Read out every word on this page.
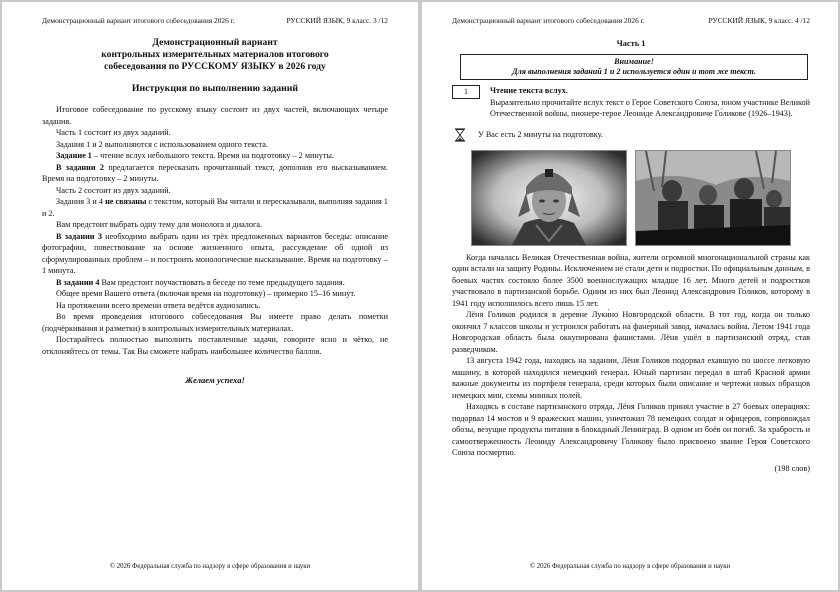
Демонстрационный вариант итогового собеседования 2026 г.	РУССКИЙ ЯЗЫК, 9 класс. 3 /12
Демонстрационный вариант
контрольных измерительных материалов итогового
собеседования по РУССКОМУ ЯЗЫКУ в 2026 году
Инструкция по выполнению заданий

Итоговое собеседование по русскому языку состоит из двух частей, включающих четыре задания.

Часть 1 состоит из двух заданий.

Задания 1 и 2 выполняются с использованием одного текста.

Задание 1 – чтение вслух небольшого текста. Время на подготовку – 2 минуты.

В задании 2 предлагается пересказать прочитанный текст, дополнив его высказыванием. Время на подготовку – 2 минуты.

Часть 2 состоит из двух заданий.

Задания 3 и 4 не связаны с текстом, который Вы читали и пересказывали, выполняя задания 1 и 2.

Вам предстоит выбрать одну тему для монолога и диалога.

В задании 3 необходимо выбрать один из трёх предложенных вариантов беседы: описание фотографии, повествование на основе жизненного опыта, рассуждение об одной из сформулированных проблем – и построить монологическое высказывание. Время на подготовку – 1 минута.

В задании 4 Вам предстоит поучаствовать в беседе по теме предыдущего задания.

Общее время Вашего ответа (включая время на подготовку) – примерно 15–16 минут.

На протяжении всего времени ответа ведётся аудиозапись.

Во время проведения итогового собеседования Вы имеете право делать пометки (подчёркивания и разметки) в контрольных измерительных материалах.

Постарайтесь полностью выполнить поставленные задачи, говорите ясно и чётко, не отклоняйтесь от темы. Так Вы сможете набрать наибольшее количество баллов.

Желаем успеха!
© 2026 Федеральная служба по надзору в сфере образования и науки
Демонстрационный вариант итогового собеседования 2026 г.	РУССКИЙ ЯЗЫК, 9 класс. 4 /12
Часть 1
Внимание!
Для выполнения заданий 1 и 2 используется один и тот же текст.
1	Чтение текста вслух.

Выразительно прочитайте вслух текст о Герое Советского Союза, юном участнике Великой Отечественной войны, пионере-герое Леони́де Алекса́ндровиче Го́ликове (1926–1943).

У Вас есть 2 минуты на подготовку.

Когда началась Великая Отечественная война, жители огромной многонациональной страны как один встали на защиту Родины. Исключением не стали дети и подростки. По официальным данным, в боевых частях состояло более 3500 военнослужащих младше 16 лет. Много детей и подростков участвовало в партизанской борьбе. Одним из них был Леонид Алекса́ндрович Го́ликов, которому в 1941 году исполнилось всего лишь 15 лет.

Лёня Голиков родился в деревне Луки́но Новгородской области. В тот год, когда он только окончил 7 классов школы и устроился работать на фане́рный завод, началась война. Летом 1941 года Новгородская область была оккупирована фашистами. Лёня ушёл в партизанский отряд, став разведчиком.

13 августа 1942 года, находясь на задании, Лёня Голиков подорвал ехавшую по шоссе легковую машину, в которой находился немецкий генерал. Юный партизан передал в штаб Красной армии важные документы из портфеля генерала, среди которых были описание и чертежи новых образцов немецких мин, схемы минных полей.

Находясь в составе партизанского отряда, Лёня Голиков принял участие в 27 боевых операциях: подорвал 14 мостов и 9 вражеских машин, уничтожил 78 немецких солдат и офицеров, сопровождал обозы, везущие продукты питания в блокадный Ленинград. В одном из боёв он погиб. За храбрость и самоотверженность Леониду Александровичу Голикову было присвоено звание Героя Советского Союза посмертно.

(198 слов)
© 2026 Федеральная служба по надзору в сфере образования и науки
